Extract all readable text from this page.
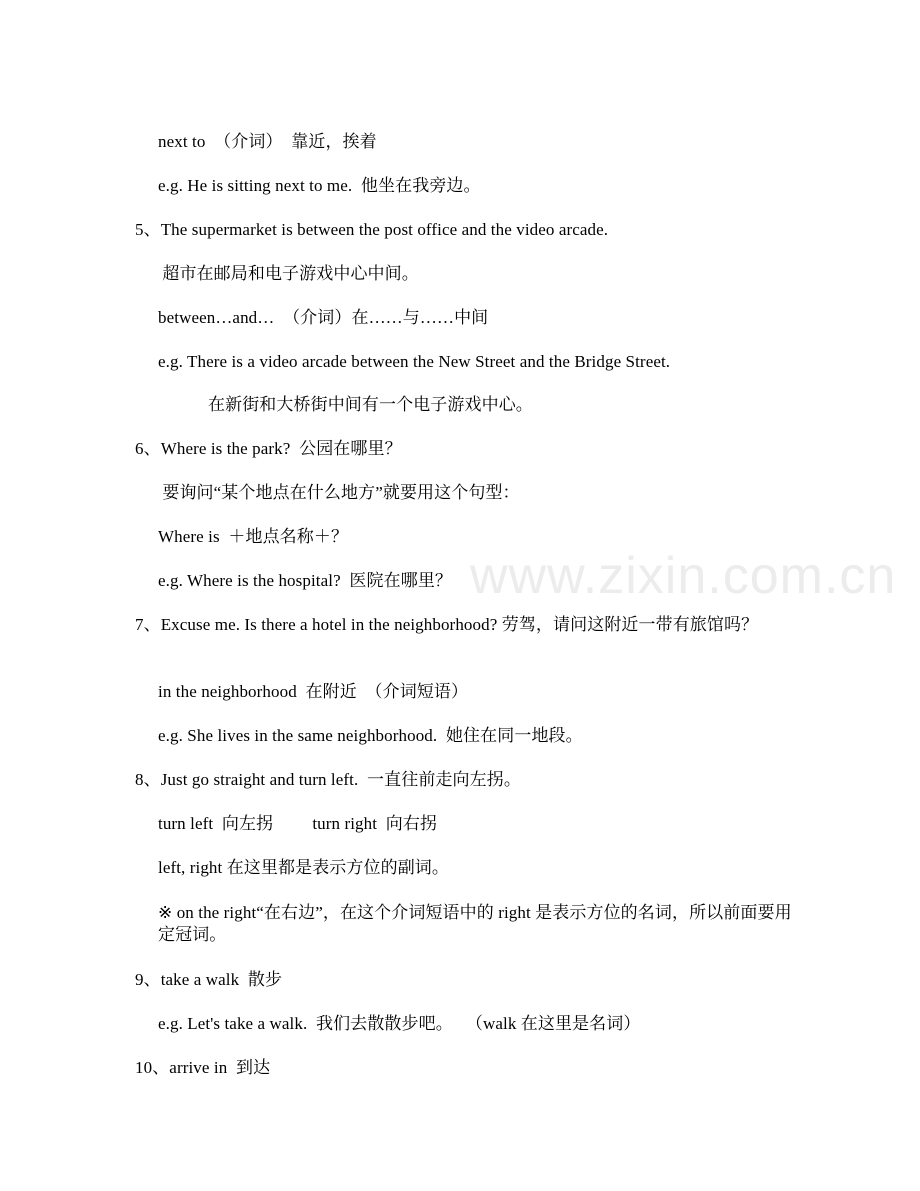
www.zixin.com.cn
next to  （介词）  靠近，挨着
e.g. He is sitting next to me.  他坐在我旁边。
5、The supermarket is between the post office and the video arcade.
超市在邮局和电子游戏中心中间。
between…and…  （介词）在……与……中间
e.g. There is a video arcade between the New Street and the Bridge Street.
在新街和大桥街中间有一个电子游戏中心。
6、Where is the park?  公园在哪里？
要询问“某个地点在什么地方”就要用这个句型：
Where is  ＋地点名称＋？
e.g. Where is the hospital?  医院在哪里？
7、Excuse me. Is there a hotel in the neighborhood? 劳驾，请问这附近一带有旅馆吗？
in the neighborhood  在附近  （介词短语）
e.g. She lives in the same neighborhood.  她住在同一地段。
8、Just go straight and turn left.  一直往前走向左拐。
turn left  向左拐         turn right  向右拐
left, right 在这里都是表示方位的副词。
※ on the right“在右边”，在这个介词短语中的 right 是表示方位的名词，所以前面要用定冠词。
9、take a walk  散步
e.g. Let's take a walk.  我们去散散步吧。   （walk 在这里是名词）
10、arrive in  到达
